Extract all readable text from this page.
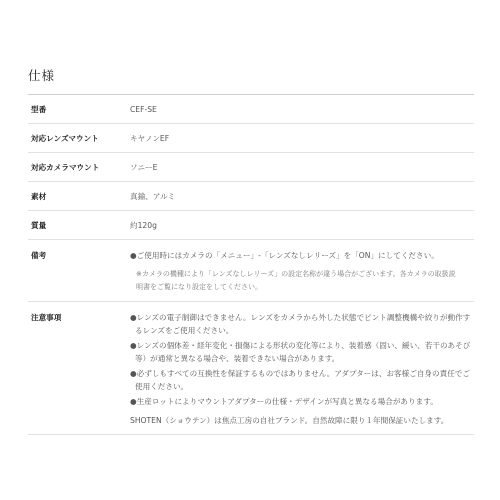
仕様
型番	CEF-SE
対応レンズマウント	キヤノンEF
対応カメラマウント	ソニーE
素材	真鍮、アルミ
質量	約120g
備考	●ご使用時にはカメラの「メニュー」-「レンズなしレリーズ」を「ON」にしてください。
※カメラの機種により「レンズなしレリーズ」の設定名称が違う場合がございます。各カメラの取扱説
明書をご覧になり設定をしてください。
注意事項	●レンズの電子制御はできません。レンズをカメラから外した状態でピント調整機構や絞りが動作す
るレンズをご使用ください。
●レンズの個体差・経年変化・損傷による形状の変化等により、装着感（固い、緩い、若干のあそび
等）が通常と異なる場合や、装着できない場合があります。
●必ずしもすべての互換性を保証するものではありません。アダプターは、お客様ご自身の責任でご
使用ください。
●生産ロットによりマウントアダプターの仕様・デザインが写真と異なる場合があります。
SHOTEN（ショウテン）は焦点工房の自社ブランド。自然故障に限り１年間保証いたします。
